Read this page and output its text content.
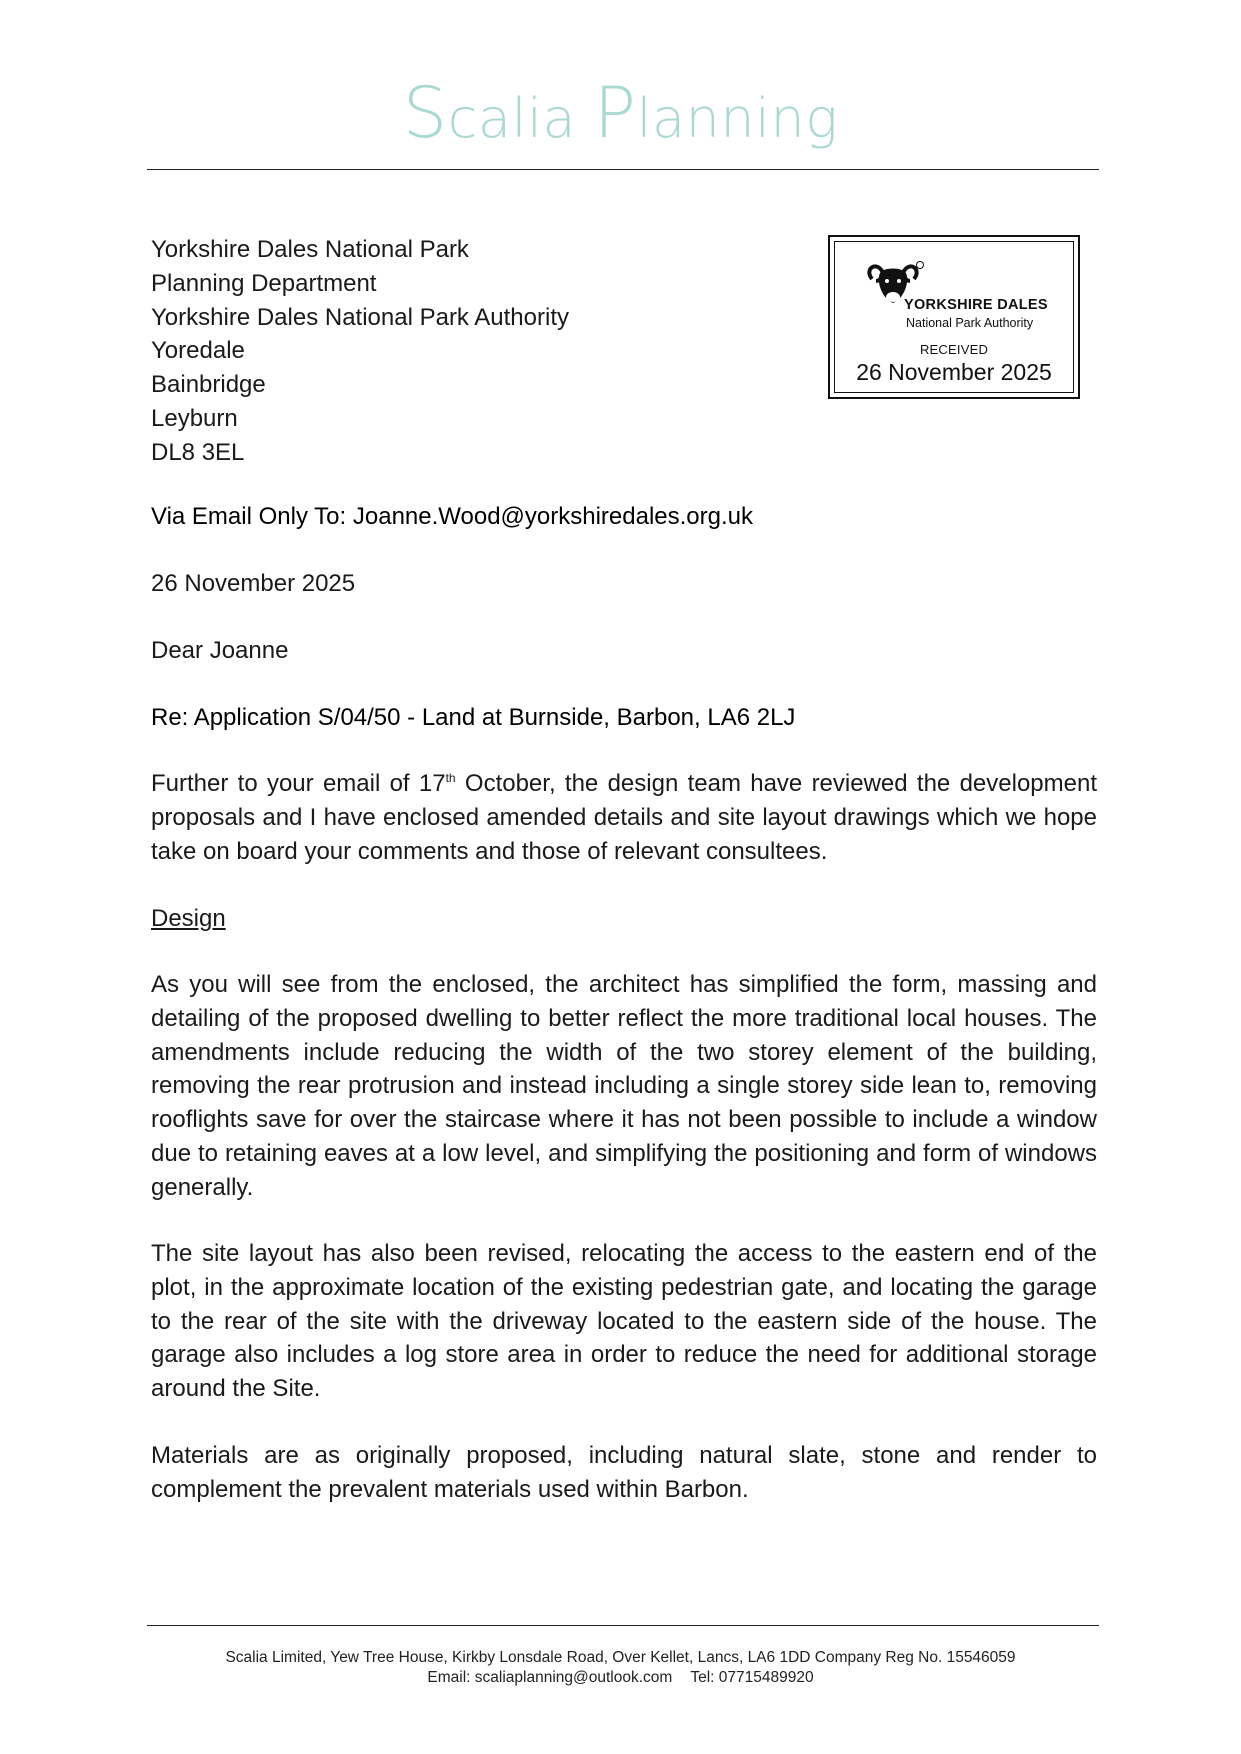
Scalia Planning
Yorkshire Dales National Park
Planning Department
Yorkshire Dales National Park Authority
Yoredale
Bainbridge
Leyburn
DL8 3EL
YORKSHIRE DALES
National Park Authority
RECEIVED
26 November 2025
Via Email Only To: Joanne.Wood@yorkshiredales.org.uk
26 November 2025
Dear Joanne
Re: Application S/04/50 - Land at Burnside, Barbon, LA6 2LJ
Further to your email of 17th October, the design team have reviewed the development proposals and I have enclosed amended details and site layout drawings which we hope take on board your comments and those of relevant consultees.
Design
As you will see from the enclosed, the architect has simplified the form, massing and detailing of the proposed dwelling to better reflect the more traditional local houses. The amendments include reducing the width of the two storey element of the building, removing the rear protrusion and instead including a single storey side lean to, removing rooflights save for over the staircase where it has not been possible to include a window due to retaining eaves at a low level, and simplifying the positioning and form of windows generally.
The site layout has also been revised, relocating the access to the eastern end of the plot, in the approximate location of the existing pedestrian gate, and locating the garage to the rear of the site with the driveway located to the eastern side of the house. The garage also includes a log store area in order to reduce the need for additional storage around the Site.
Materials are as originally proposed, including natural slate, stone and render to complement the prevalent materials used within Barbon.
Scalia Limited, Yew Tree House, Kirkby Lonsdale Road, Over Kellet, Lancs, LA6 1DD Company Reg No. 15546059
Email: scaliaplanning@outlook.com Tel: 07715489920
